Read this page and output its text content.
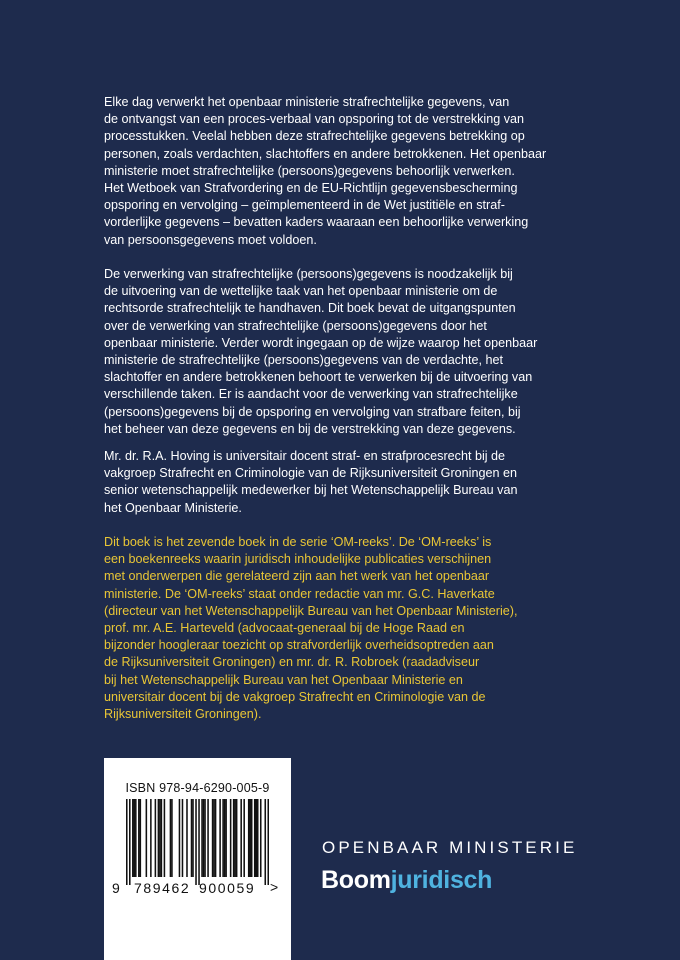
Elke dag verwerkt het openbaar ministerie strafrechtelijke gegevens, van
de ontvangst van een proces-verbaal van opsporing tot de verstrekking van
processtukken. Veelal hebben deze strafrechtelijke gegevens betrekking op
personen, zoals verdachten, slachtoffers en andere betrokkenen. Het openbaar
ministerie moet strafrechtelijke (persoons)gegevens behoorlijk verwerken.
Het Wetboek van Strafvordering en de EU-Richtlijn gegevensbescherming
opsporing en vervolging – geïmplementeerd in de Wet justitiële en straf-
vorderlijke gegevens – bevatten kaders waaraan een behoorlijke verwerking
van persoonsgegevens moet voldoen.
De verwerking van strafrechtelijke (persoons)gegevens is noodzakelijk bij
de uitvoering van de wettelijke taak van het openbaar ministerie om de
rechtsorde strafrechtelijk te handhaven. Dit boek bevat de uitgangspunten
over de verwerking van strafrechtelijke (persoons)gegevens door het
openbaar ministerie. Verder wordt ingegaan op de wijze waarop het openbaar
ministerie de strafrechtelijke (persoons)gegevens van de verdachte, het
slachtoffer en andere betrokkenen behoort te verwerken bij de uitvoering van
verschillende taken. Er is aandacht voor de verwerking van strafrechtelijke
(persoons)gegevens bij de opsporing en vervolging van strafbare feiten, bij
het beheer van deze gegevens en bij de verstrekking van deze gegevens.
Mr. dr. R.A. Hoving is universitair docent straf- en strafprocesrecht bij de
vakgroep Strafrecht en Criminologie van de Rijksuniversiteit Groningen en
senior wetenschappelijk medewerker bij het Wetenschappelijk Bureau van
het Openbaar Ministerie.
Dit boek is het zevende boek in de serie ‘OM-reeks’. De ‘OM-reeks’ is
een boekenreeks waarin juridisch inhoudelijke publicaties verschijnen
met onderwerpen die gerelateerd zijn aan het werk van het openbaar
ministerie. De ‘OM-reeks’ staat onder redactie van mr. G.C. Haverkate
(directeur van het Wetenschappelijk Bureau van het Openbaar Ministerie),
prof. mr. A.E. Harteveld (advocaat-generaal bij de Hoge Raad en
bijzonder hoogleraar toezicht op strafvorderlijk overheidsoptreden aan
de Rijksuniversiteit Groningen) en mr. dr. R. Robroek (raadadviseur
bij het Wetenschappelijk Bureau van het Openbaar Ministerie en
universitair docent bij de vakgroep Strafrecht en Criminologie van de
Rijksuniversiteit Groningen).
ISBN 978-94-6290-005-9
9 789462 900059 >
OPENBAAR MINISTERIE
Boomjuridisch
